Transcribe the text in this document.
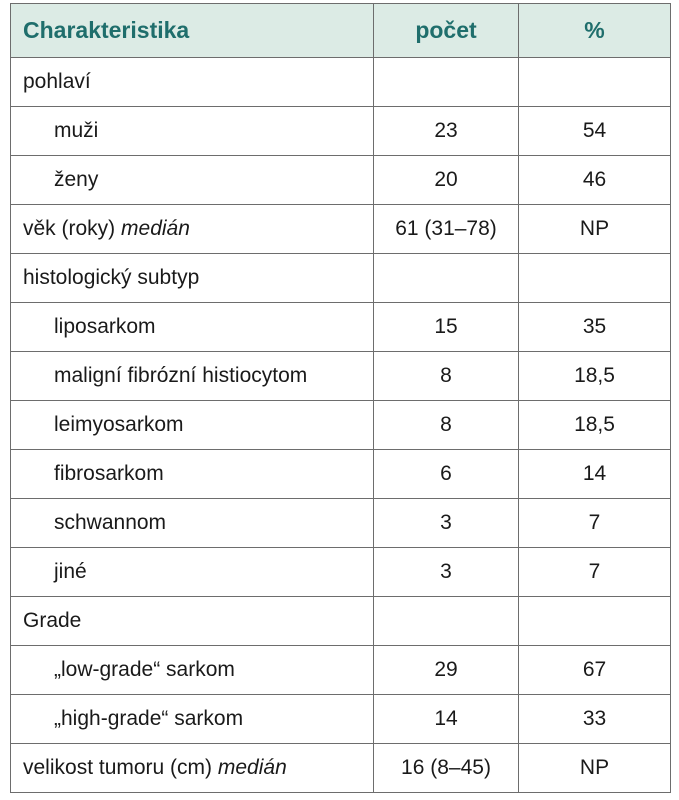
Charakteristika	počet	%
pohlaví		
muži	23	54
ženy	20	46
věk (roky) medián	61 (31–78)	NP
histologický subtyp		
liposarkom	15	35
maligní fibrózní histiocytom	8	18,5
leimyosarkom	8	18,5
fibrosarkom	6	14
schwannom	3	7
jiné	3	7
Grade		
„low-grade“ sarkom	29	67
„high-grade“ sarkom	14	33
velikost tumoru (cm) medián	16 (8–45)	NP
